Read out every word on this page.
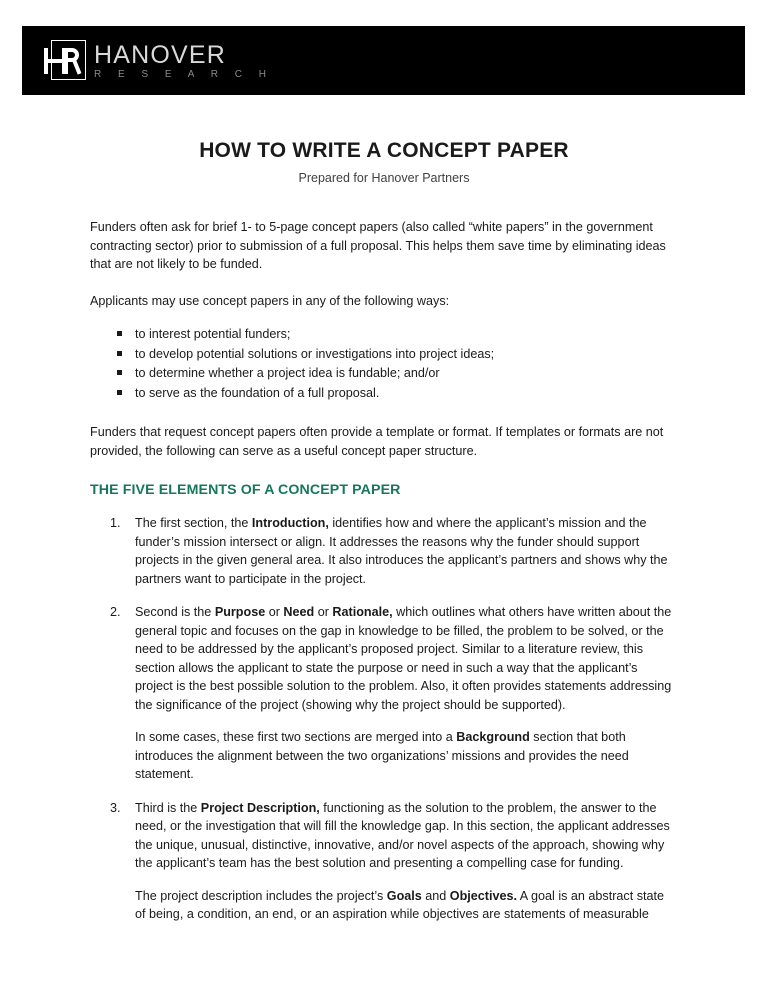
HANOVER
R E S E A R C H
HOW TO WRITE A CONCEPT PAPER
Prepared for Hanover Partners

Funders often ask for brief 1- to 5-page concept papers (also called “white papers” in the government contracting sector) prior to submission of a full proposal. This helps them save time by eliminating ideas that are not likely to be funded.

Applicants may use concept papers in any of the following ways:

to interest potential funders;
to develop potential solutions or investigations into project ideas;
to determine whether a project idea is fundable; and/or
to serve as the foundation of a full proposal.

Funders that request concept papers often provide a template or format. If templates or formats are not provided, the following can serve as a useful concept paper structure.

THE FIVE ELEMENTS OF A CONCEPT PAPER
1.	The first section, the Introduction, identifies how and where the applicant’s mission and the funder’s mission intersect or align. It addresses the reasons why the funder should support projects in the given general area. It also introduces the applicant’s partners and shows why the partners want to participate in the project.

2.	Second is the Purpose or Need or Rationale, which outlines what others have written about the general topic and focuses on the gap in knowledge to be filled, the problem to be solved, or the need to be addressed by the applicant’s proposed project. Similar to a literature review, this section allows the applicant to state the purpose or need in such a way that the applicant’s project is the best possible solution to the problem. Also, it often provides statements addressing the significance of the project (showing why the project should be supported).

In some cases, these first two sections are merged into a Background section that both introduces the alignment between the two organizations’ missions and provides the need statement.

3.	Third is the Project Description, functioning as the solution to the problem, the answer to the need, or the investigation that will fill the knowledge gap. In this section, the applicant addresses the unique, unusual, distinctive, innovative, and/or novel aspects of the approach, showing why the applicant’s team has the best solution and presenting a compelling case for funding.

The project description includes the project’s Goals and Objectives. A goal is an abstract state of being, a condition, an end, or an aspiration while objectives are statements of measurable
